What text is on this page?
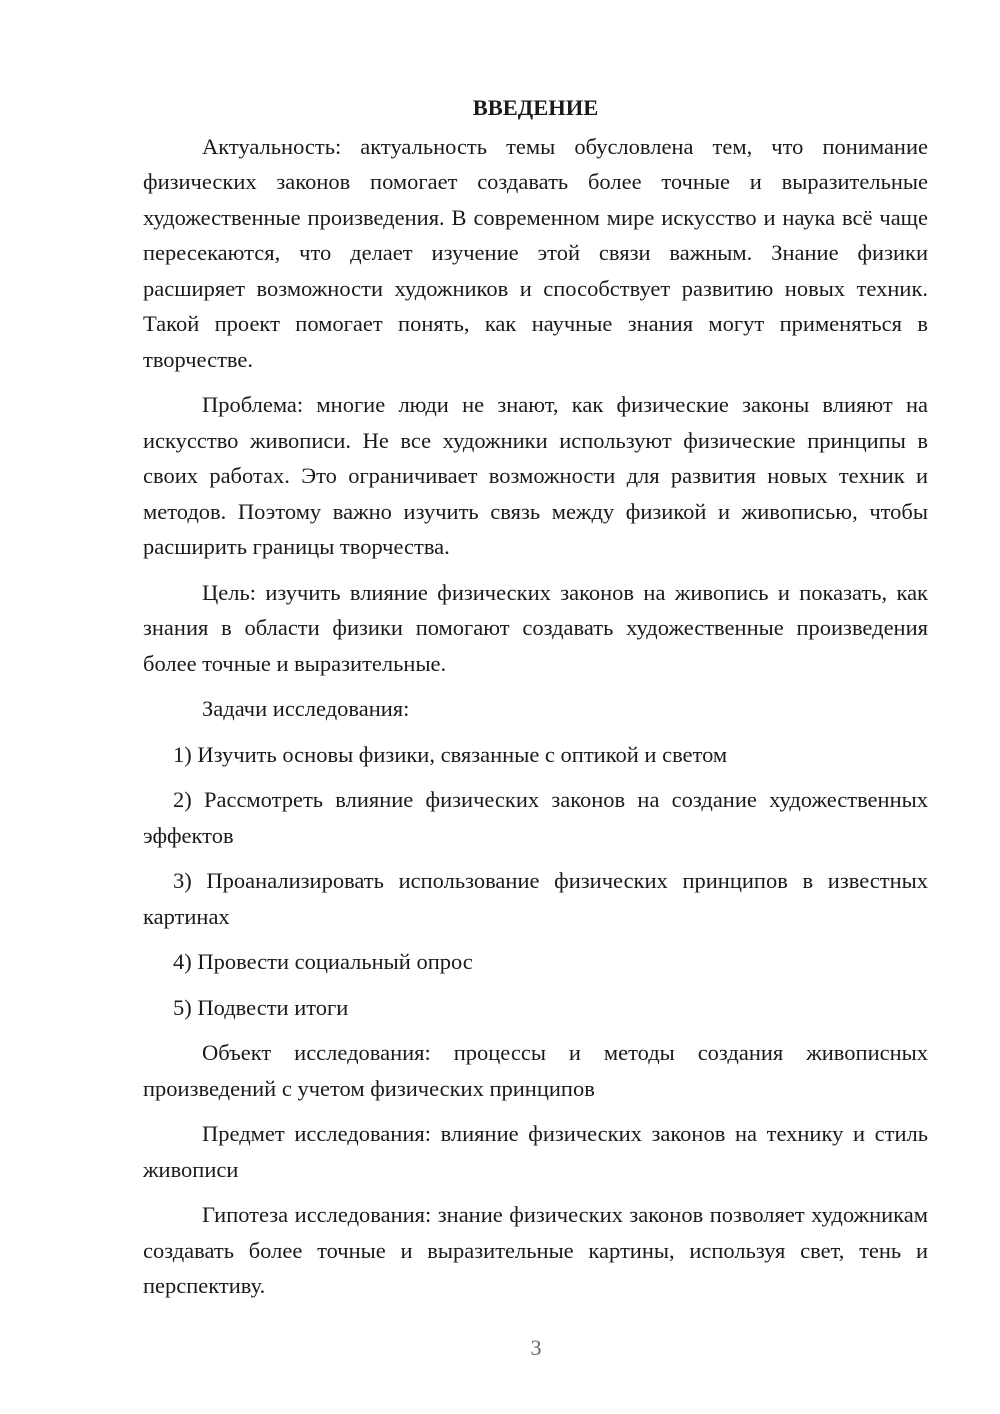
ВВЕДЕНИЕ

Актуальность: актуальность темы обусловлена тем, что понимание физических законов помогает создавать более точные и выразительные художественные произведения. В современном мире искусство и наука всё чаще пересекаются, что делает изучение этой связи важным. Знание физики расширяет возможности художников и способствует развитию новых техник. Такой проект помогает понять, как научные знания могут применяться в творчестве.

Проблема: многие люди не знают, как физические законы влияют на искусство живописи. Не все художники используют физические принципы в своих работах. Это ограничивает возможности для развития новых техник и методов. Поэтому важно изучить связь между физикой и живописью, чтобы расширить границы творчества.

Цель: изучить влияние физических законов на живопись и показать, как знания в области физики помогают создавать художественные произведения более точные и выразительные.

Задачи исследования:

1) Изучить основы физики, связанные с оптикой и светом

2) Рассмотреть влияние физических законов на создание художественных эффектов

3) Проанализировать использование физических принципов в известных картинах

4) Провести социальный опрос

5) Подвести итоги

Объект исследования: процессы и методы создания живописных произведений с учетом физических принципов

Предмет исследования: влияние физических законов на технику и стиль живописи

Гипотеза исследования: знание физических законов позволяет художникам создавать более точные и выразительные картины, используя свет, тень и перспективу.

3
